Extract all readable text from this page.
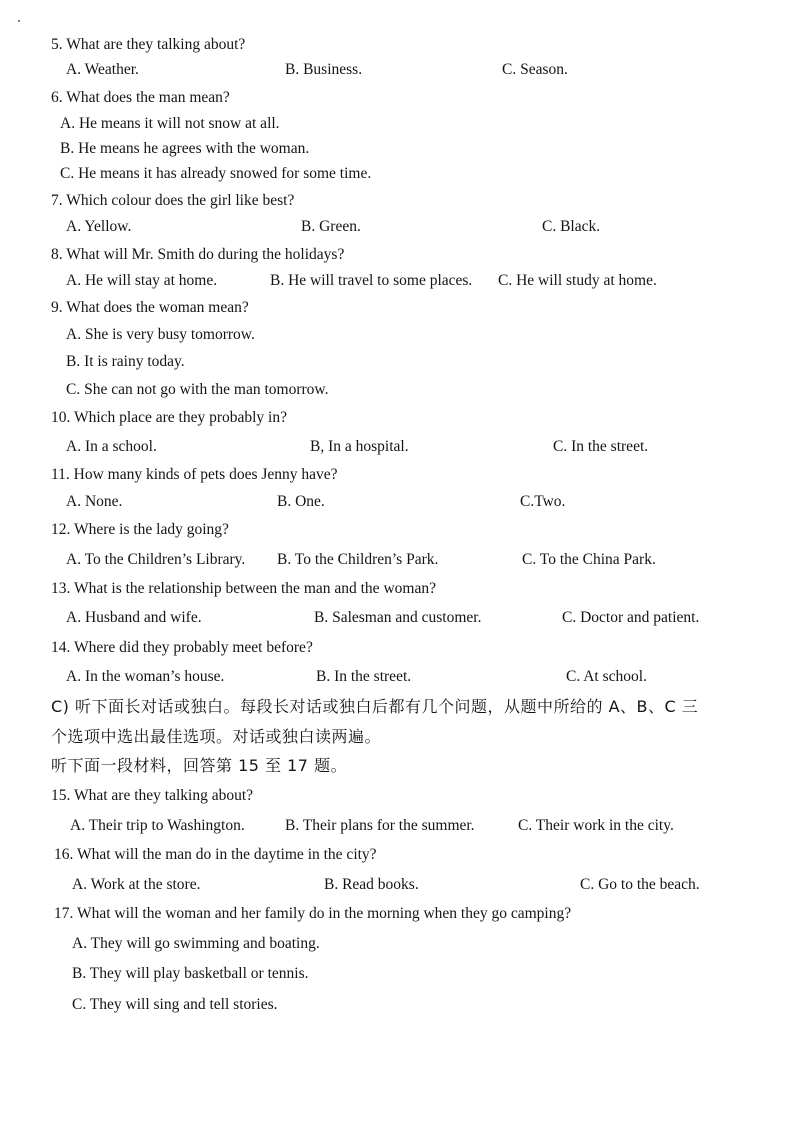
5. What are they talking about?
A. Weather.	B. Business.	C. Season.
6. What does the man mean?
A. He means it will not snow at all.
B. He means he agrees with the woman.
C. He means it has already snowed for some time.
7. Which colour does the girl like best?
A. Yellow.	B. Green.	C. Black.
8. What will Mr. Smith do during the holidays?
A. He will stay at home.	B. He will travel to some places. C. He will study at home.
9. What does the woman mean?
A. She is very busy tomorrow.
B. It is rainy today.
C. She can not go with the man tomorrow.
10. Which place are they probably in?
A. In a school.	B, In a hospital.	C. In the street.
11. How many kinds of pets does Jenny have?
A. None.	B. One.	C.Two.
12. Where is the lady going?
A. To the Children’s Library. B. To the Children’s Park.	C. To the China Park.
13. What is the relationship between the man and the woman?
A. Husband and wife.	B. Salesman and customer.	C. Doctor and patient.
14. Where did they probably meet before?
A. In the woman’s house.	B. In the street.	C. At school.
C) 听下面长对话或独白。每段长对话或独白后都有几个问题，从题中所给的 A、B、C 三
个选项中选出最佳选项。对话或独白读两遍。
听下面一段材料，回答第 15 至 17 题。
15. What are they talking about?
A. Their trip to Washington.	B. Their plans for the summer.	C. Their work in the city.
16. What will the man do in the daytime in the city?
A. Work at the store.	B. Read books.	C. Go to the beach.
17. What will the woman and her family do in the morning when they go camping?
A. They will go swimming and boating.
B. They will play basketball or tennis.
C. They will sing and tell stories.
